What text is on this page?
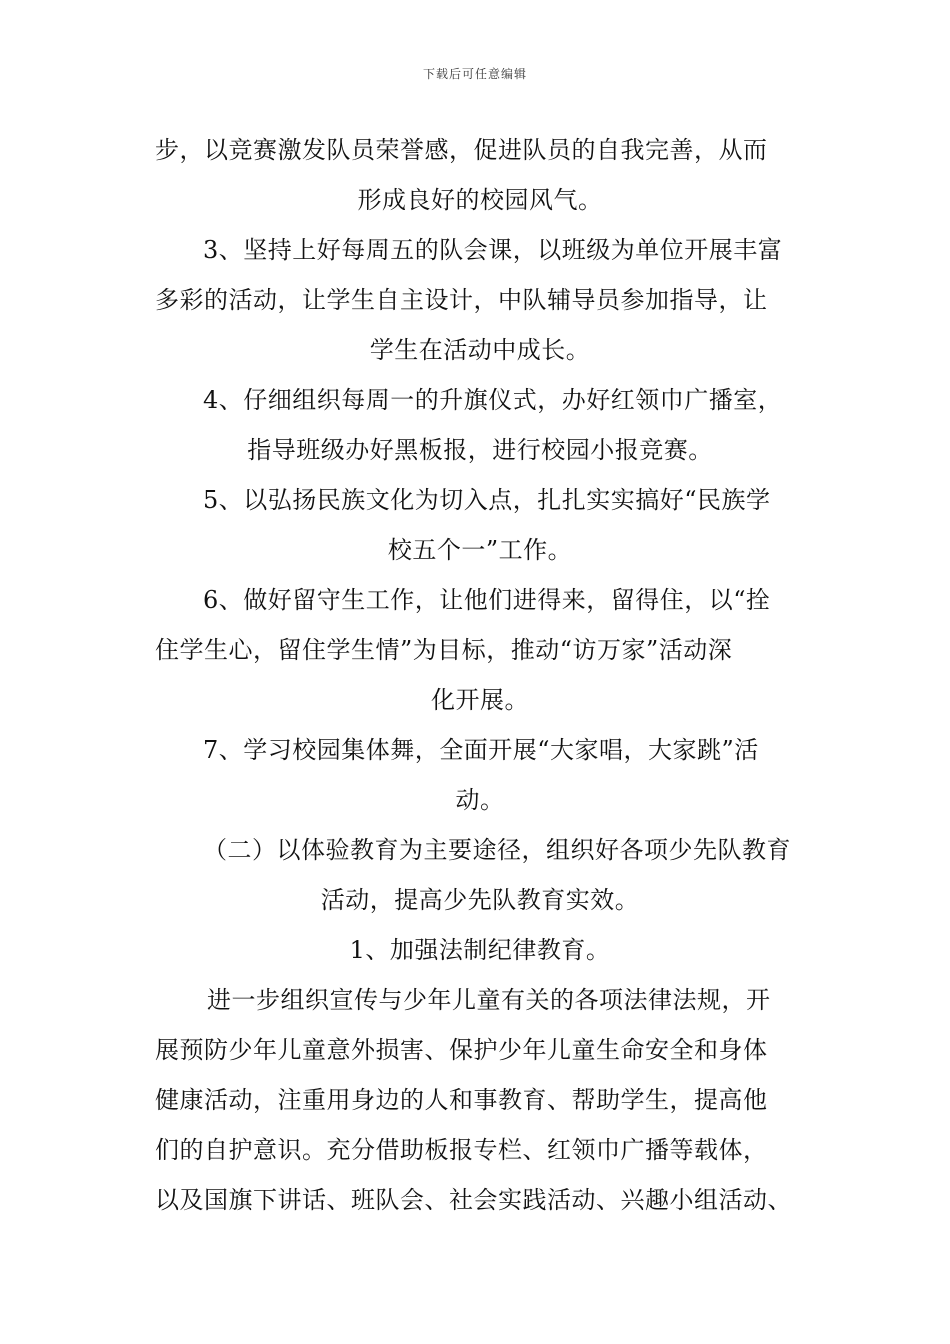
下载后可任意编辑
步，以竞赛激发队员荣誉感，促进队员的自我完善，从而
形成良好的校园风气。
3、坚持上好每周五的队会课，以班级为单位开展丰富
多彩的活动，让学生自主设计，中队辅导员参加指导，让
学生在活动中成长。
4、仔细组织每周一的升旗仪式，办好红领巾广播室，
指导班级办好黑板报，进行校园小报竞赛。
5、以弘扬民族文化为切入点，扎扎实实搞好“民族学
校五个一”工作。
6、做好留守生工作，让他们进得来，留得住，以“拴
住学生心，留住学生情”为目标，推动“访万家”活动深
化开展。
7、学习校园集体舞，全面开展“大家唱，大家跳”活
动。
（二）以体验教育为主要途径，组织好各项少先队教育
活动，提高少先队教育实效。
1、加强法制纪律教育。
进一步组织宣传与少年儿童有关的各项法律法规，开
展预防少年儿童意外损害、保护少年儿童生命安全和身体
健康活动，注重用身边的人和事教育、帮助学生，提高他
们的自护意识。充分借助板报专栏、红领巾广播等载体，
以及国旗下讲话、班队会、社会实践活动、兴趣小组活动、
